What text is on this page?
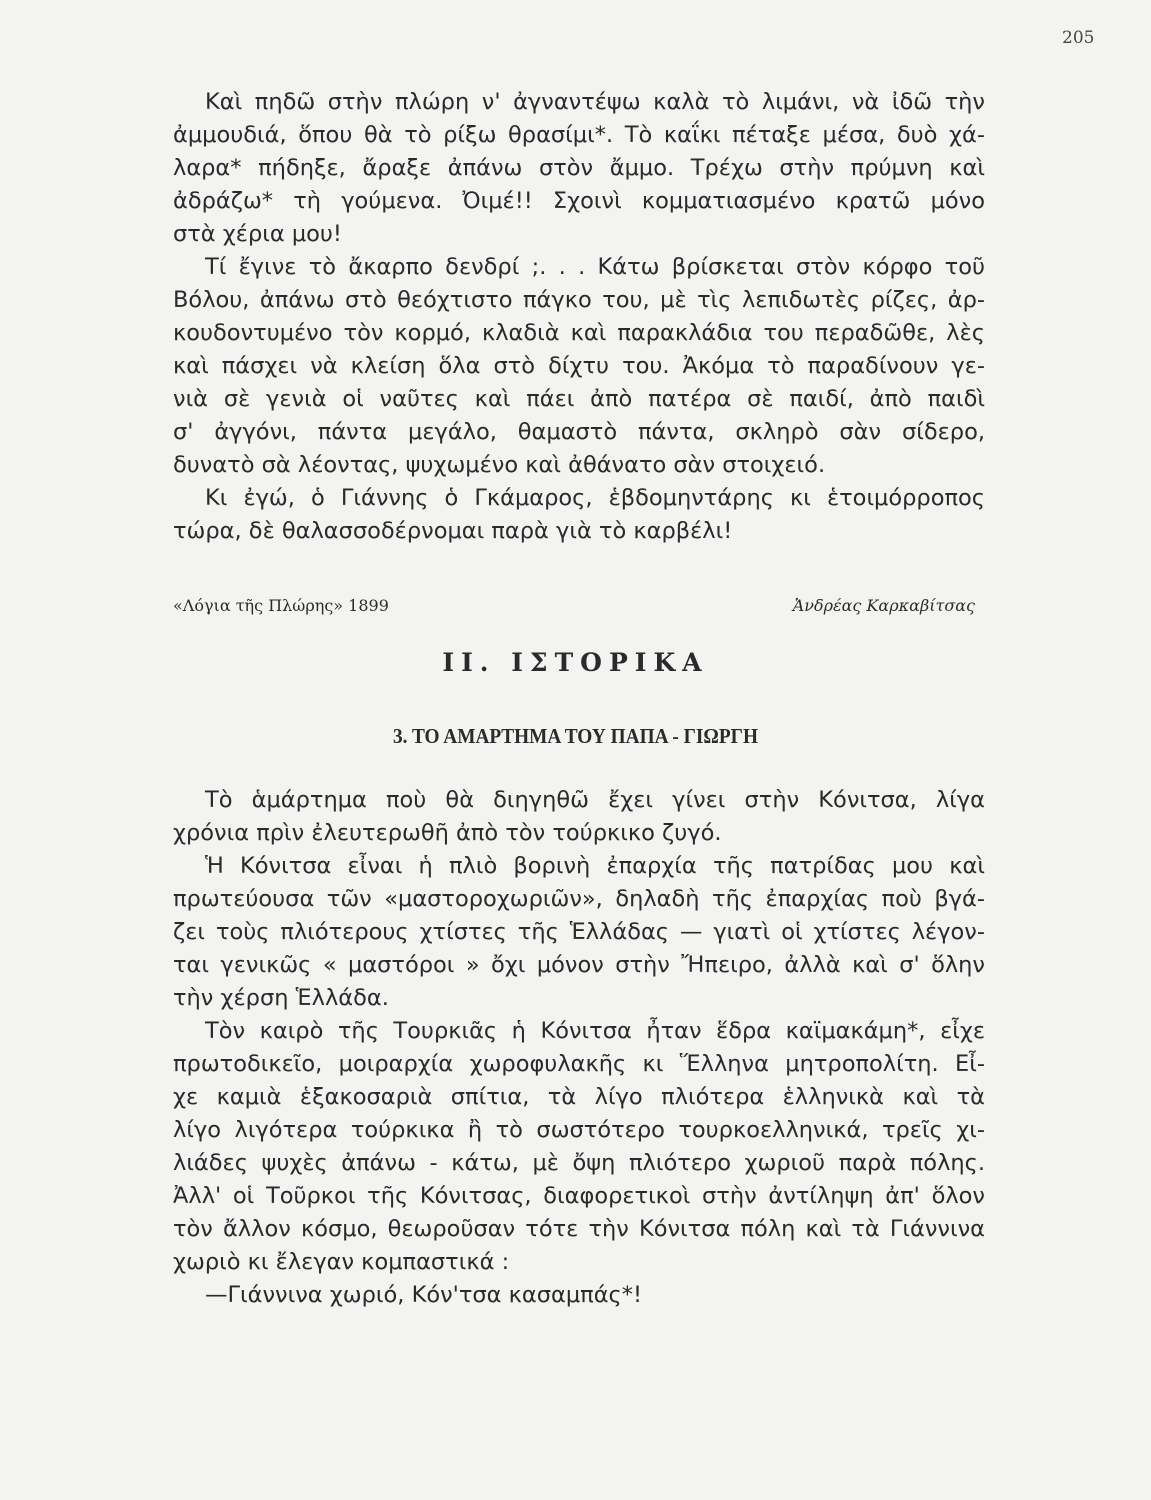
205
Καὶ πηδῶ στὴν πλώρη ν' ἀγναντέψω καλὰ τὸ λιμάνι, νὰ ἰδῶ τὴν
ἀμμουδιά, ὅπου θὰ τὸ ρίξω θρασίμι*. Τὸ καΐκι πέταξε μέσα, δυὸ χά-
λαρα* πήδηξε, ἄραξε ἀπάνω στὸν ἄμμο. Τρέχω στὴν πρύμνη καὶ
ἀδράζω* τὴ γούμενα. Ὀιμέ!! Σχοινὶ κομματιασμένο κρατῶ μόνο
στὰ χέρια μου!
Τί ἔγινε τὸ ἄκαρπο δενδρί ;. . . Κάτω βρίσκεται στὸν κόρφο τοῦ
Βόλου, ἀπάνω στὸ θεόχτιστο πάγκο του, μὲ τὶς λεπιδωτὲς ρίζες, ἀρ-
κουδοντυμένο τὸν κορμό, κλαδιὰ καὶ παρακλάδια του περαδῶθε, λὲς
καὶ πάσχει νὰ κλείση ὅλα στὸ δίχτυ του. Ἀκόμα τὸ παραδίνουν γε-
νιὰ σὲ γενιὰ οἱ ναῦτες καὶ πάει ἀπὸ πατέρα σὲ παιδί, ἀπὸ παιδὶ
σ' ἀγγόνι, πάντα μεγάλο, θαμαστὸ πάντα, σκληρὸ σὰν σίδερο,
δυνατὸ σὰ λέοντας, ψυχωμένο καὶ ἀθάνατο σὰν στοιχειό.
Κι ἐγώ, ὁ Γιάννης ὁ Γκάμαρος, ἑβδομηντάρης κι ἑτοιμόρροπος
τώρα, δὲ θαλασσοδέρνομαι παρὰ γιὰ τὸ καρβέλι!
«Λόγια τῆς Πλώρης» 1899	Ἀνδρέας Καρκαβίτσας
ΙΙ. ΙΣΤΟΡΙΚΑ
3. ΤΟ ΑΜΑΡΤΗΜΑ ΤΟΥ ΠΑΠΑ - ΓΙΩΡΓΗ
Τὸ ἁμάρτημα ποὺ θὰ διηγηθῶ ἔχει γίνει στὴν Κόνιτσα, λίγα
χρόνια πρὶν ἐλευτερωθῆ ἀπὸ τὸν τούρκικο ζυγό.
Ἡ Κόνιτσα εἶναι ἡ πλιὸ βορινὴ ἐπαρχία τῆς πατρίδας μου καὶ
πρωτεύουσα τῶν «μαστοροχωριῶν», δηλαδὴ τῆς ἐπαρχίας ποὺ βγά-
ζει τοὺς πλιότερους χτίστες τῆς Ἑλλάδας — γιατὶ οἱ χτίστες λέγον-
ται γενικῶς « μαστόροι » ὄχι μόνον στὴν Ἤπειρο, ἀλλὰ καὶ σ' ὅλην
τὴν χέρση Ἑλλάδα.
Τὸν καιρὸ τῆς Τουρκιᾶς ἡ Κόνιτσα ἦταν ἕδρα καϊμακάμη*, εἶχε
πρωτοδικεῖο, μοιραρχία χωροφυλακῆς κι Ἕλληνα μητροπολίτη. Εἶ-
χε καμιὰ ἑξακοσαριὰ σπίτια, τὰ λίγο πλιότερα ἑλληνικὰ καὶ τὰ
λίγο λιγότερα τούρκικα ἢ τὸ σωστότερο τουρκοελληνικά, τρεῖς χι-
λιάδες ψυχὲς ἀπάνω - κάτω, μὲ ὄψη πλιότερο χωριοῦ παρὰ πόλης.
Ἀλλ' οἱ Τοῦρκοι τῆς Κόνιτσας, διαφορετικοὶ στὴν ἀντίληψη ἀπ' ὅλον
τὸν ἄλλον κόσμο, θεωροῦσαν τότε τὴν Κόνιτσα πόλη καὶ τὰ Γιάννινα
χωριὸ κι ἔλεγαν κομπαστικά :
—Γιάννινα χωριό, Κόν'τσα κασαμπάς*!
